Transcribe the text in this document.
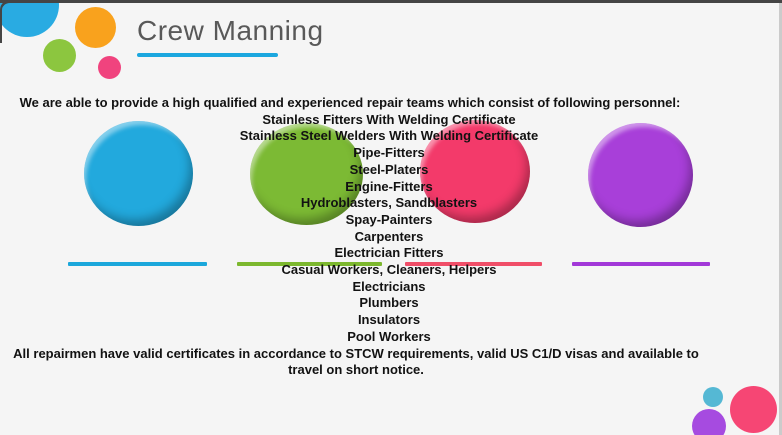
Crew Manning

We are able to provide a high qualified and experienced repair teams which consist of following personnel:

Stainless Fitters With Welding Certificate
Stainless Steel Welders With Welding Certificate
Pipe-Fitters
Steel-Platers
Engine-Fitters
Hydroblasters, Sandblasters
Spay-Painters
Carpenters
Electrician Fitters
Casual Workers, Cleaners, Helpers
Electricians
Plumbers
Insulators
Pool Workers

All repairmen have valid certificates in accordance to STCW requirements, valid US C1/D visas and available to travel on short notice.
